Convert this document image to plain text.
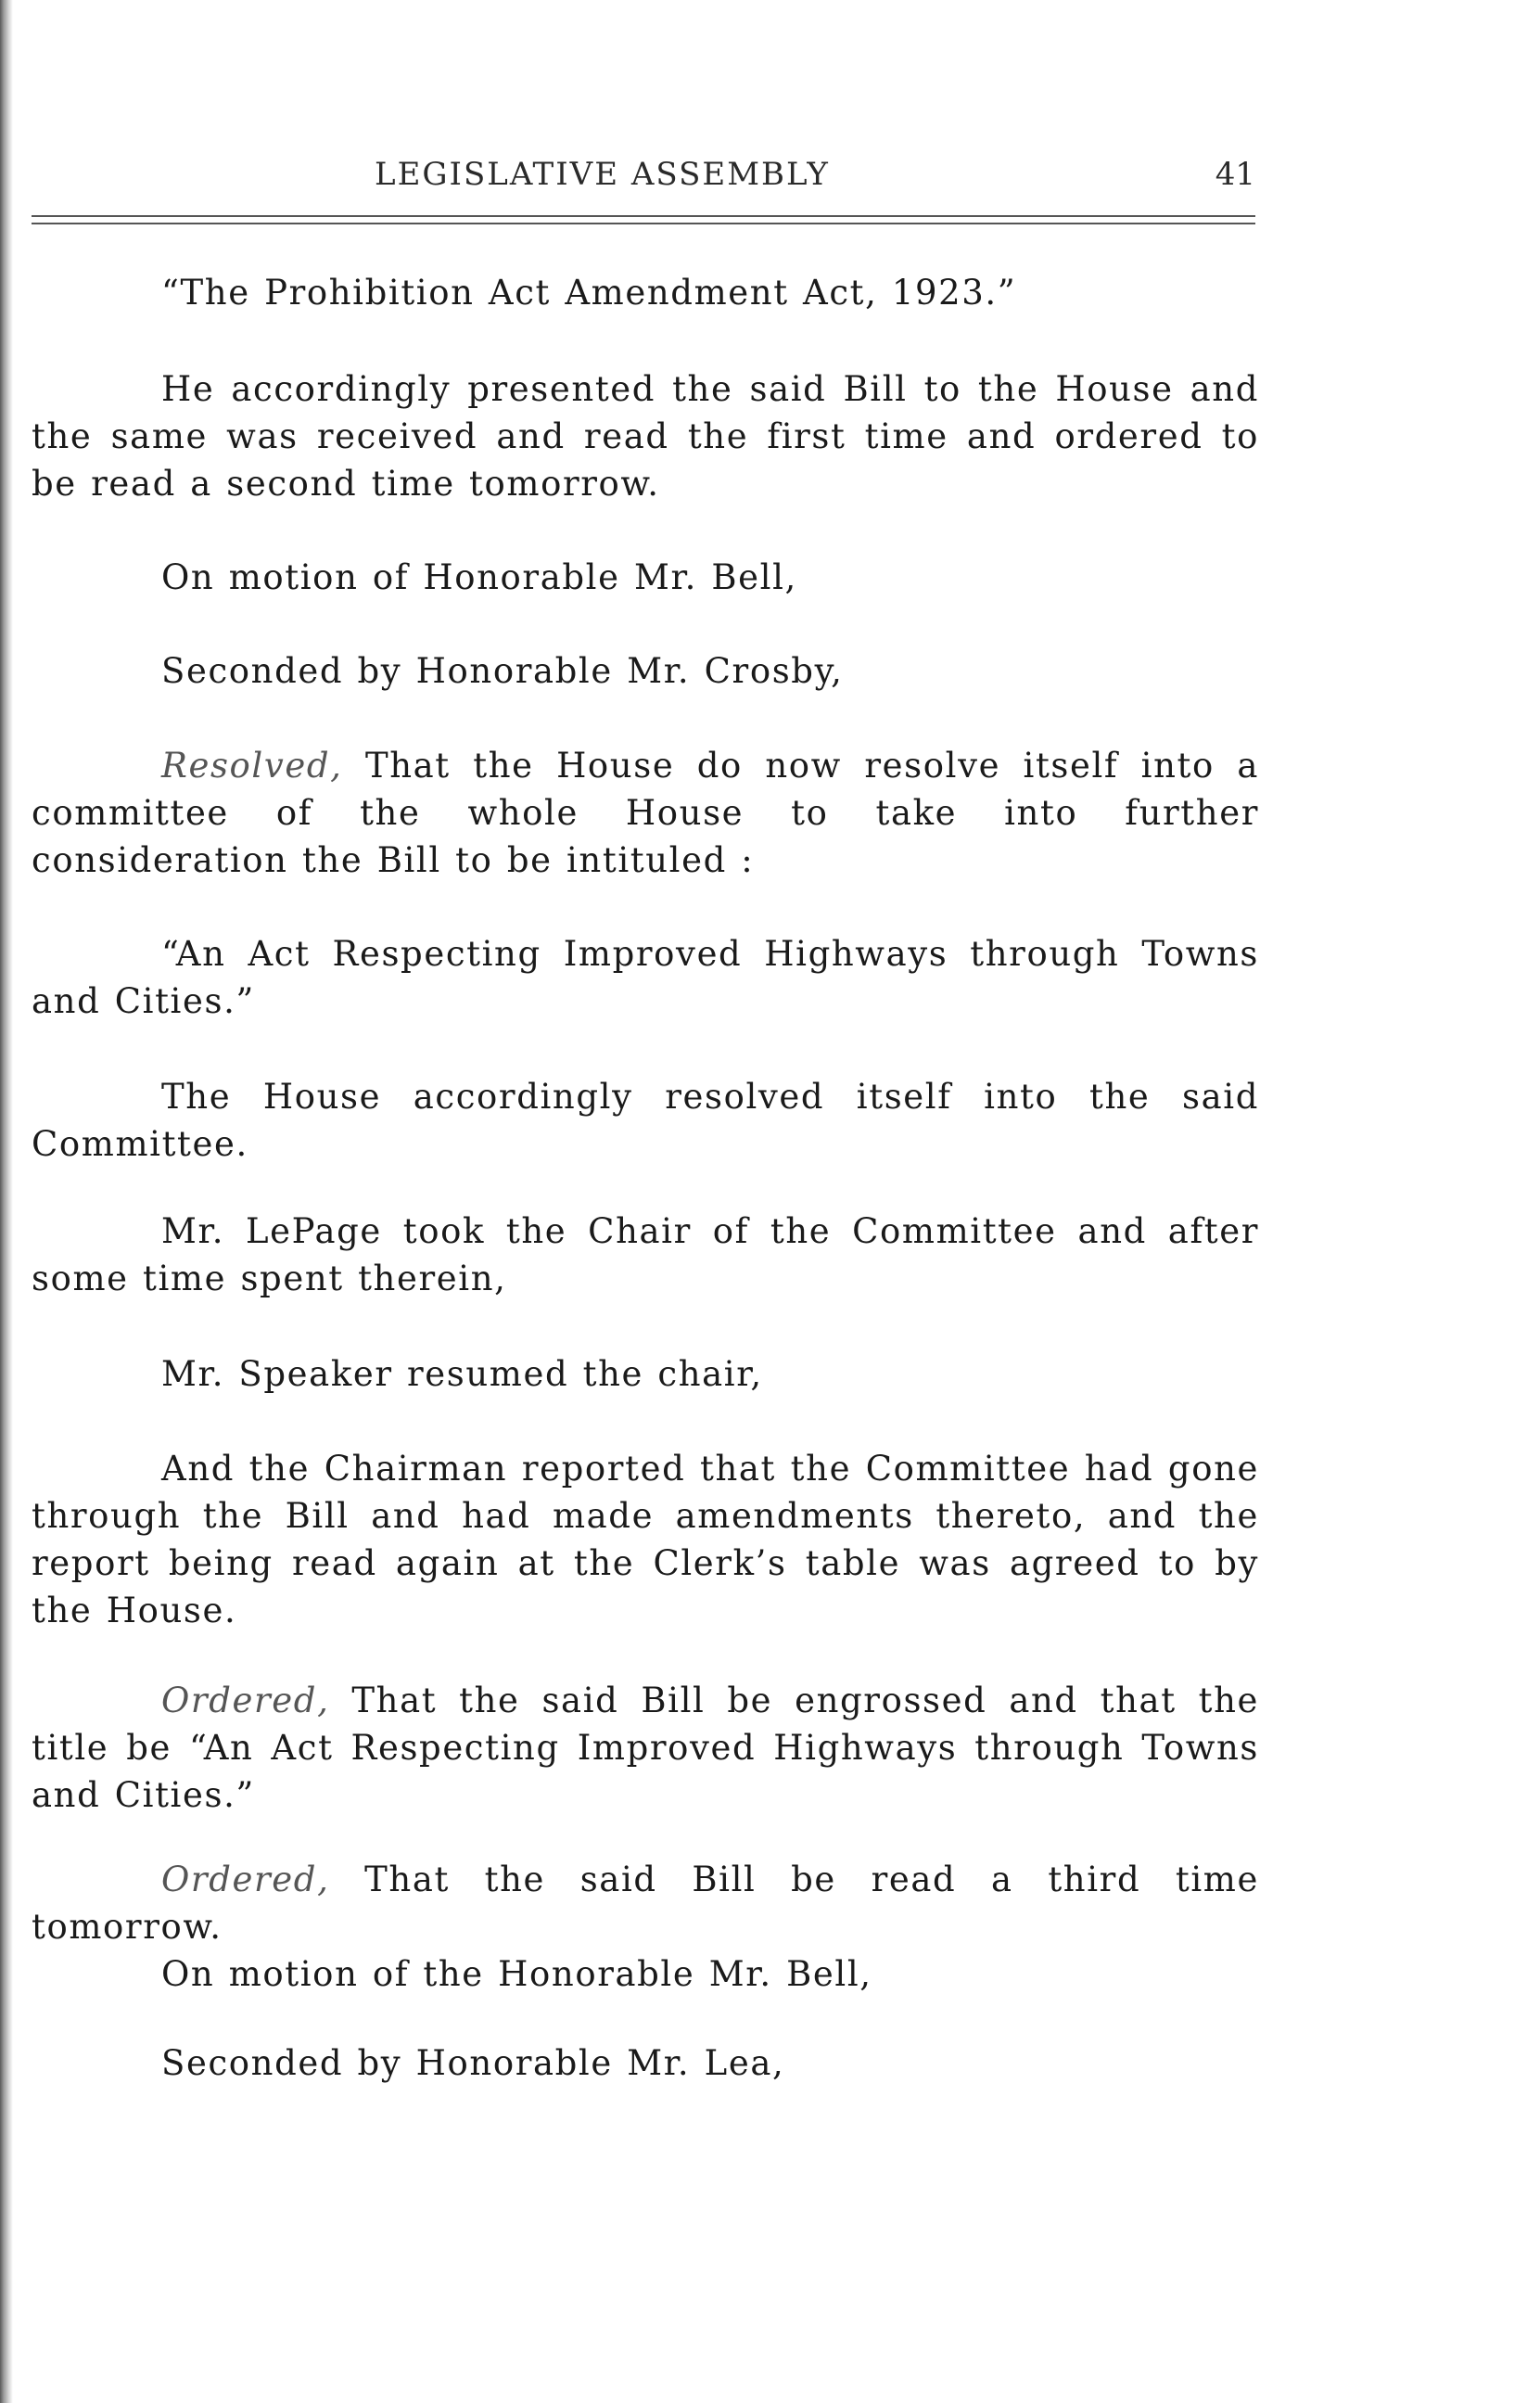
LEGISLATIVE ASSEMBLY	41

“The Prohibition Act Amendment Act, 1923.”

He accordingly presented the said Bill to the House and the same was received and read the first time and ordered to be read a second time tomorrow.

On motion of Honorable Mr. Bell,

Seconded by Honorable Mr. Crosby,

Resolved, That the House do now resolve itself into a committee of the whole House to take into further consideration the Bill to be intituled :

“An Act Respecting Improved Highways through Towns and Cities.”

The House accordingly resolved itself into the said Committee.

Mr. LePage took the Chair of the Committee and after some time spent therein,

Mr. Speaker resumed the chair,

And the Chairman reported that the Committee had gone through the Bill and had made amendments thereto, and the report being read again at the Clerk’s table was agreed to by the House.

Ordered, That the said Bill be engrossed and that the title be “An Act Respecting Improved Highways through Towns and Cities.”

Ordered, That the said Bill be read a third time tomorrow.

On motion of the Honorable Mr. Bell,

Seconded by Honorable Mr. Lea,
